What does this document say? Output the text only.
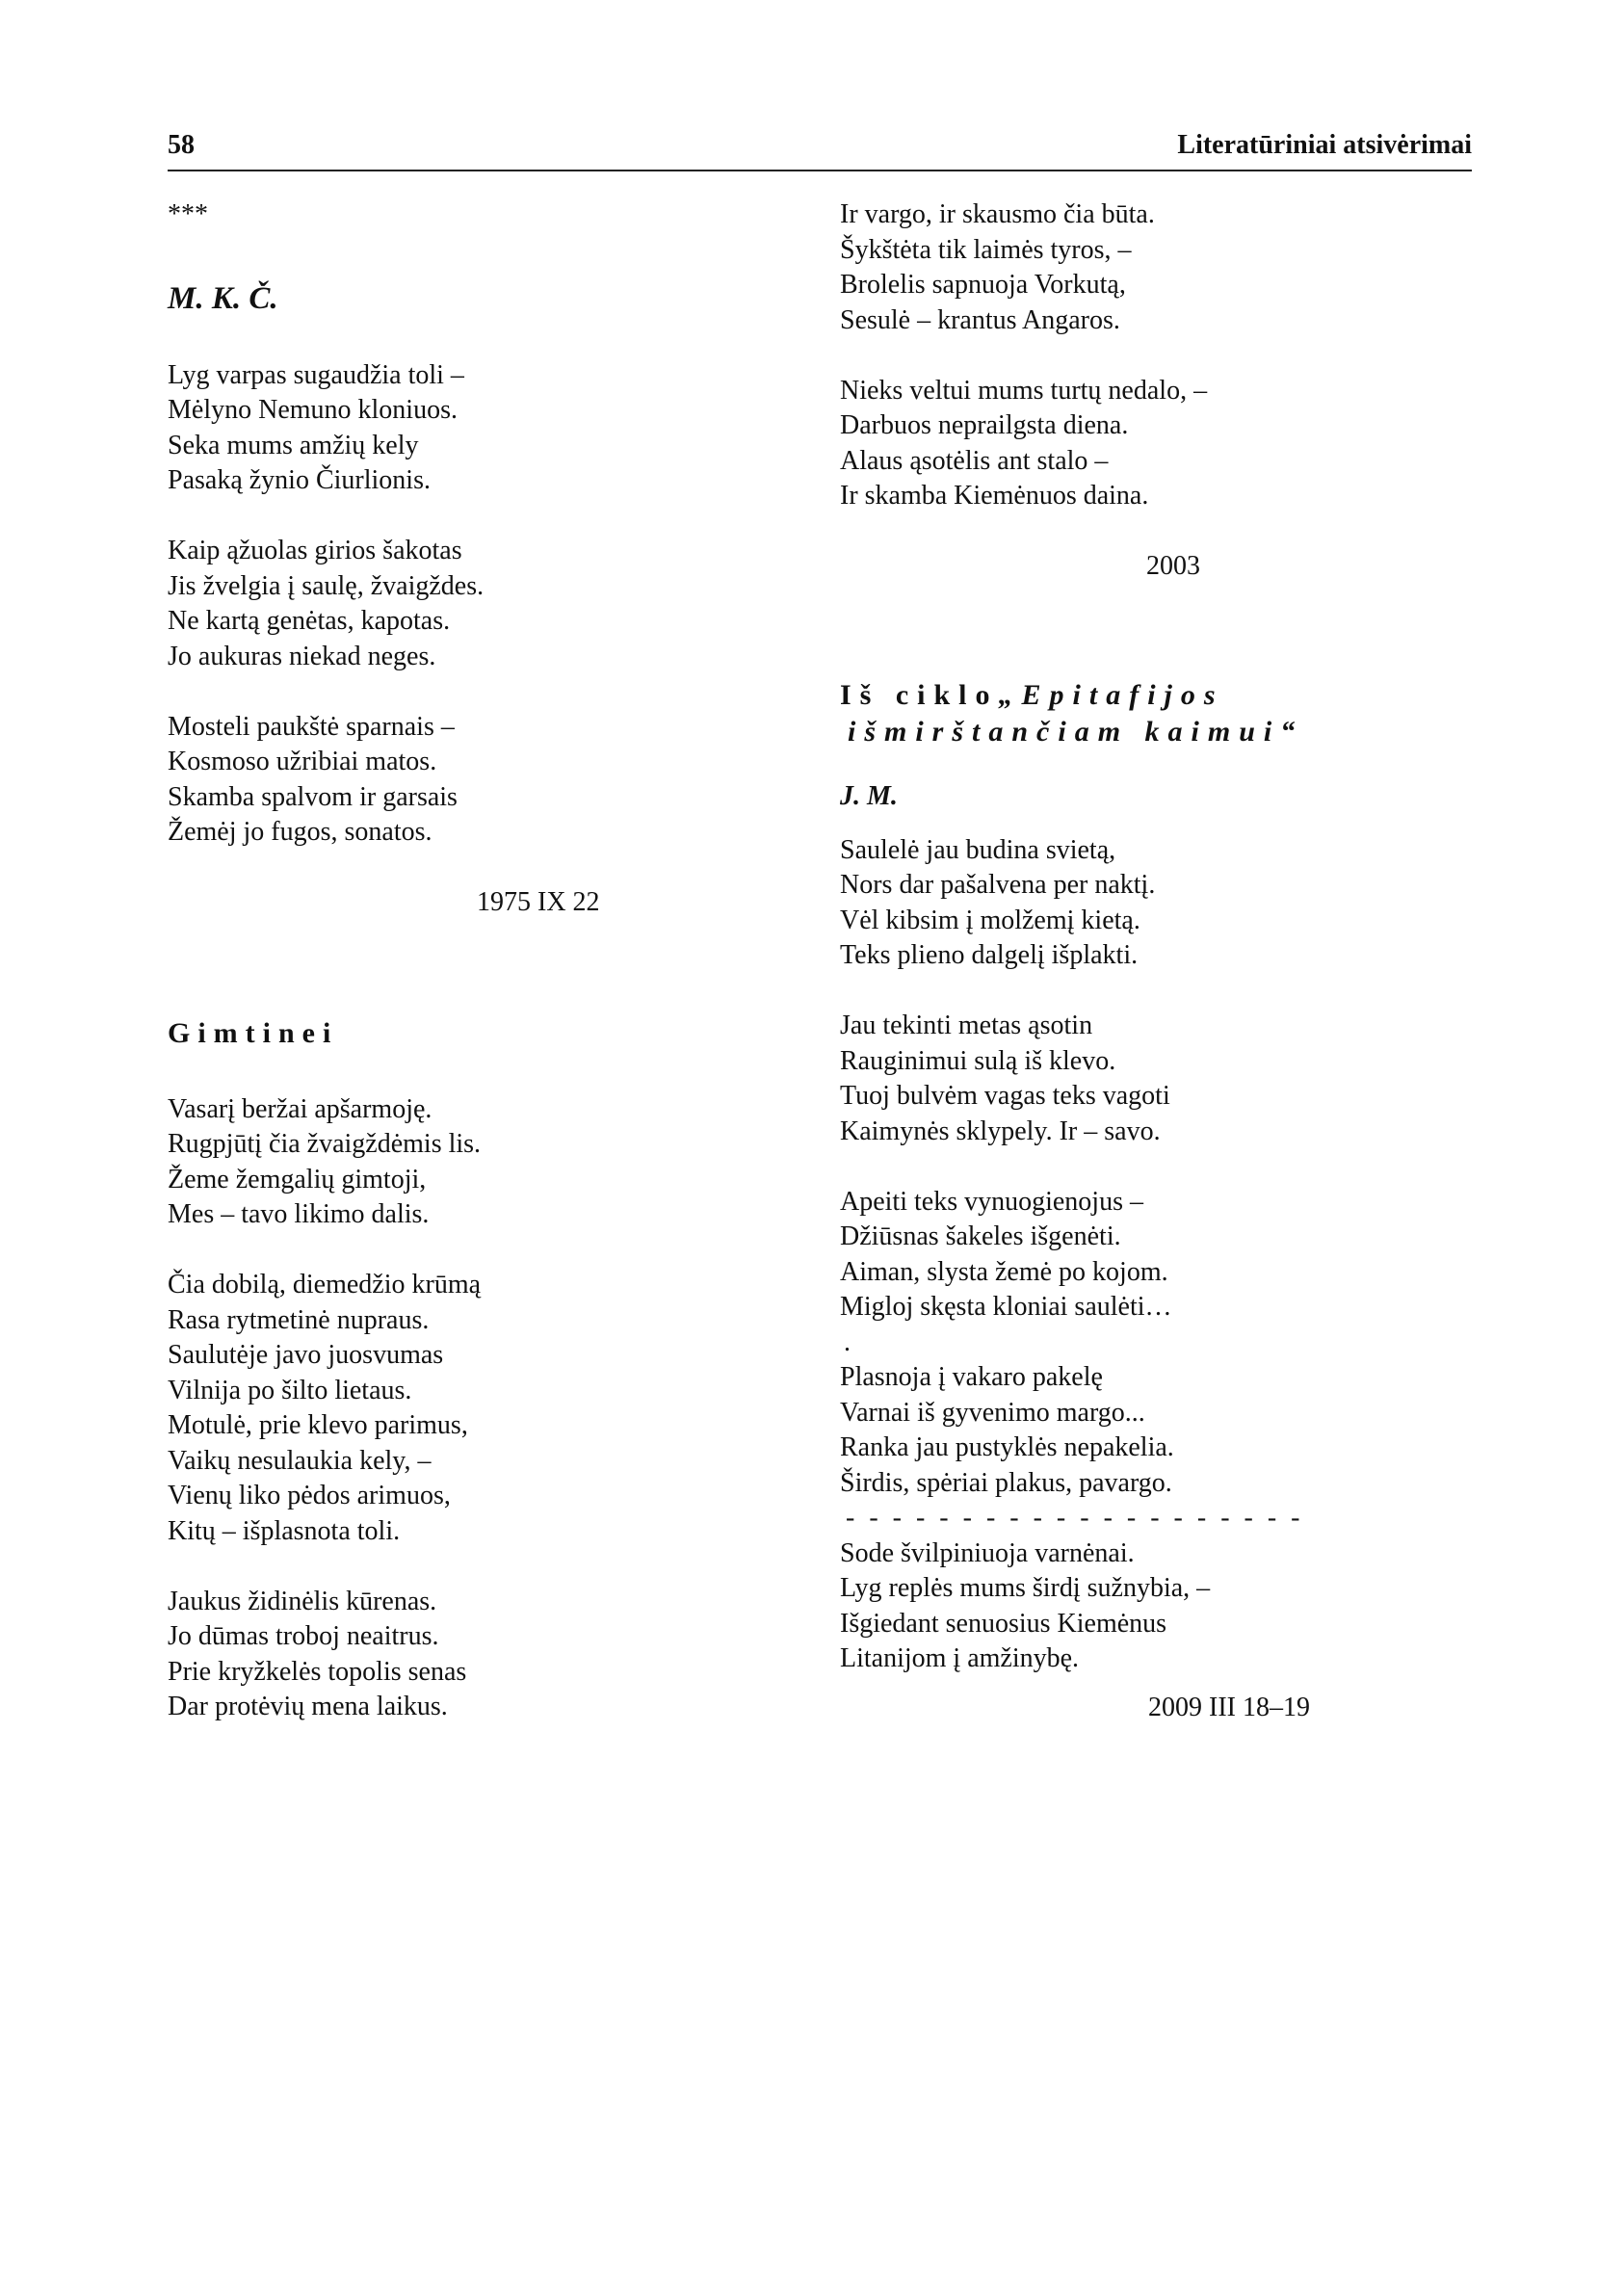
58	Literatūriniai atsivėrimai
***
M. K. Č.
Lyg varpas sugaudžia toli –
Mėlyno Nemuno kloniuos.
Seka mums amžių kely
Pasaką žynio Čiurlionis.
Kaip ąžuolas girios šakotas
Jis žvelgia į saulę, žvaigždes.
Ne kartą genėtas, kapotas.
Jo aukuras niekad neges.
Mosteli paukštė sparnais –
Kosmoso užribiai matos.
Skamba spalvom ir garsais
Žemėj jo fugos, sonatos.
1975 IX 22
Gimtinei
Vasarį beržai apšarmoję.
Rugpjūtį čia žvaigždėmis lis.
Žeme žemgalių gimtoji,
Mes – tavo likimo dalis.
Čia dobilą, diemedžio krūmą
Rasa rytmetinė nupraus.
Saulutėje javo juosvumas
Vilnija po šilto lietaus.
Motulė, prie klevo parimus,
Vaikų nesulaukia kely, –
Vienų liko pėdos arimuos,
Kitų – išplasnota toli.
Jaukus židinėlis kūrenas.
Jo dūmas troboj neaitrus.
Prie kryžkelės topolis senas
Dar protėvių mena laikus.
Ir vargo, ir skausmo čia būta.
Šykštėta tik laimės tyros, –
Brolelis sapnuoja Vorkutą,
Sesulė – krantus Angaros.
Nieks veltui mums turtų nedalo, –
Darbuos neprailgsta diena.
Alaus ąsotėlis ant stalo –
Ir skamba Kiemėnuos daina.
2003
Iš ciklo„Epitafijos
išmirštančiam kaimui“
J. M.
Saulelė jau budina svietą,
Nors dar pašalvena per naktį.
Vėl kibsim į molžemį kietą.
Teks plieno dalgelį išplakti.
Jau tekinti metas ąsotin
Rauginimui sulą iš klevo.
Tuoj bulvėm vagas teks vagoti
Kaimynės sklypely. Ir – savo.
Apeiti teks vynuogienojus –
Džiūsnas šakeles išgenėti.
Aiman, slysta žemė po kojom.
Migloj skęsta kloniai saulėti…
.
Plasnoja į vakaro pakelę
Varnai iš gyvenimo margo...
Ranka jau pustyklės nepakelia.
Širdis, spėriai plakus, pavargo.
- - - - - - - - - - - - - - - - - - - -
Sode švilpiniuoja varnėnai.
Lyg replės mums širdį sužnybia, –
Išgiedant senuosius Kiemėnus
Litanijom į amžinybę.
2009 III 18–19
